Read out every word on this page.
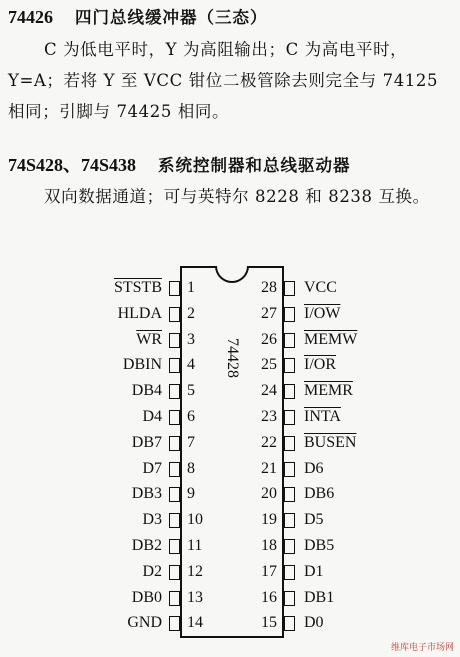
74426 四门总线缓冲器（三态）
C 为低电平时，Y 为高阻输出；C 为高电平时，Y=A；若将 Y 至 VCC 钳位二极管除去则完全与 74125 相同；引脚与 74425 相同。
74S428、74S438 系统控制器和总线驱动器
双向数据通道；可与英特尔 8228 和 8238 互换。
74428
STSTB 1
HLDA 2
$\overline{WR}$ 3
DBIN 4
DB4 5
D4 6
DB7 7
D7 8
DB3 9
D3 10
DB2 11
D2 12
DB0 13
GND 14
VCC
28
I/OW
27
MEMW
26
I/OR
25
MEMR
24
INTA
23
BUSEN
22
D6
21
DB6
20
D5
19
DB5
18
D1
17
DB1
16
D0
15
维库电子市场网
